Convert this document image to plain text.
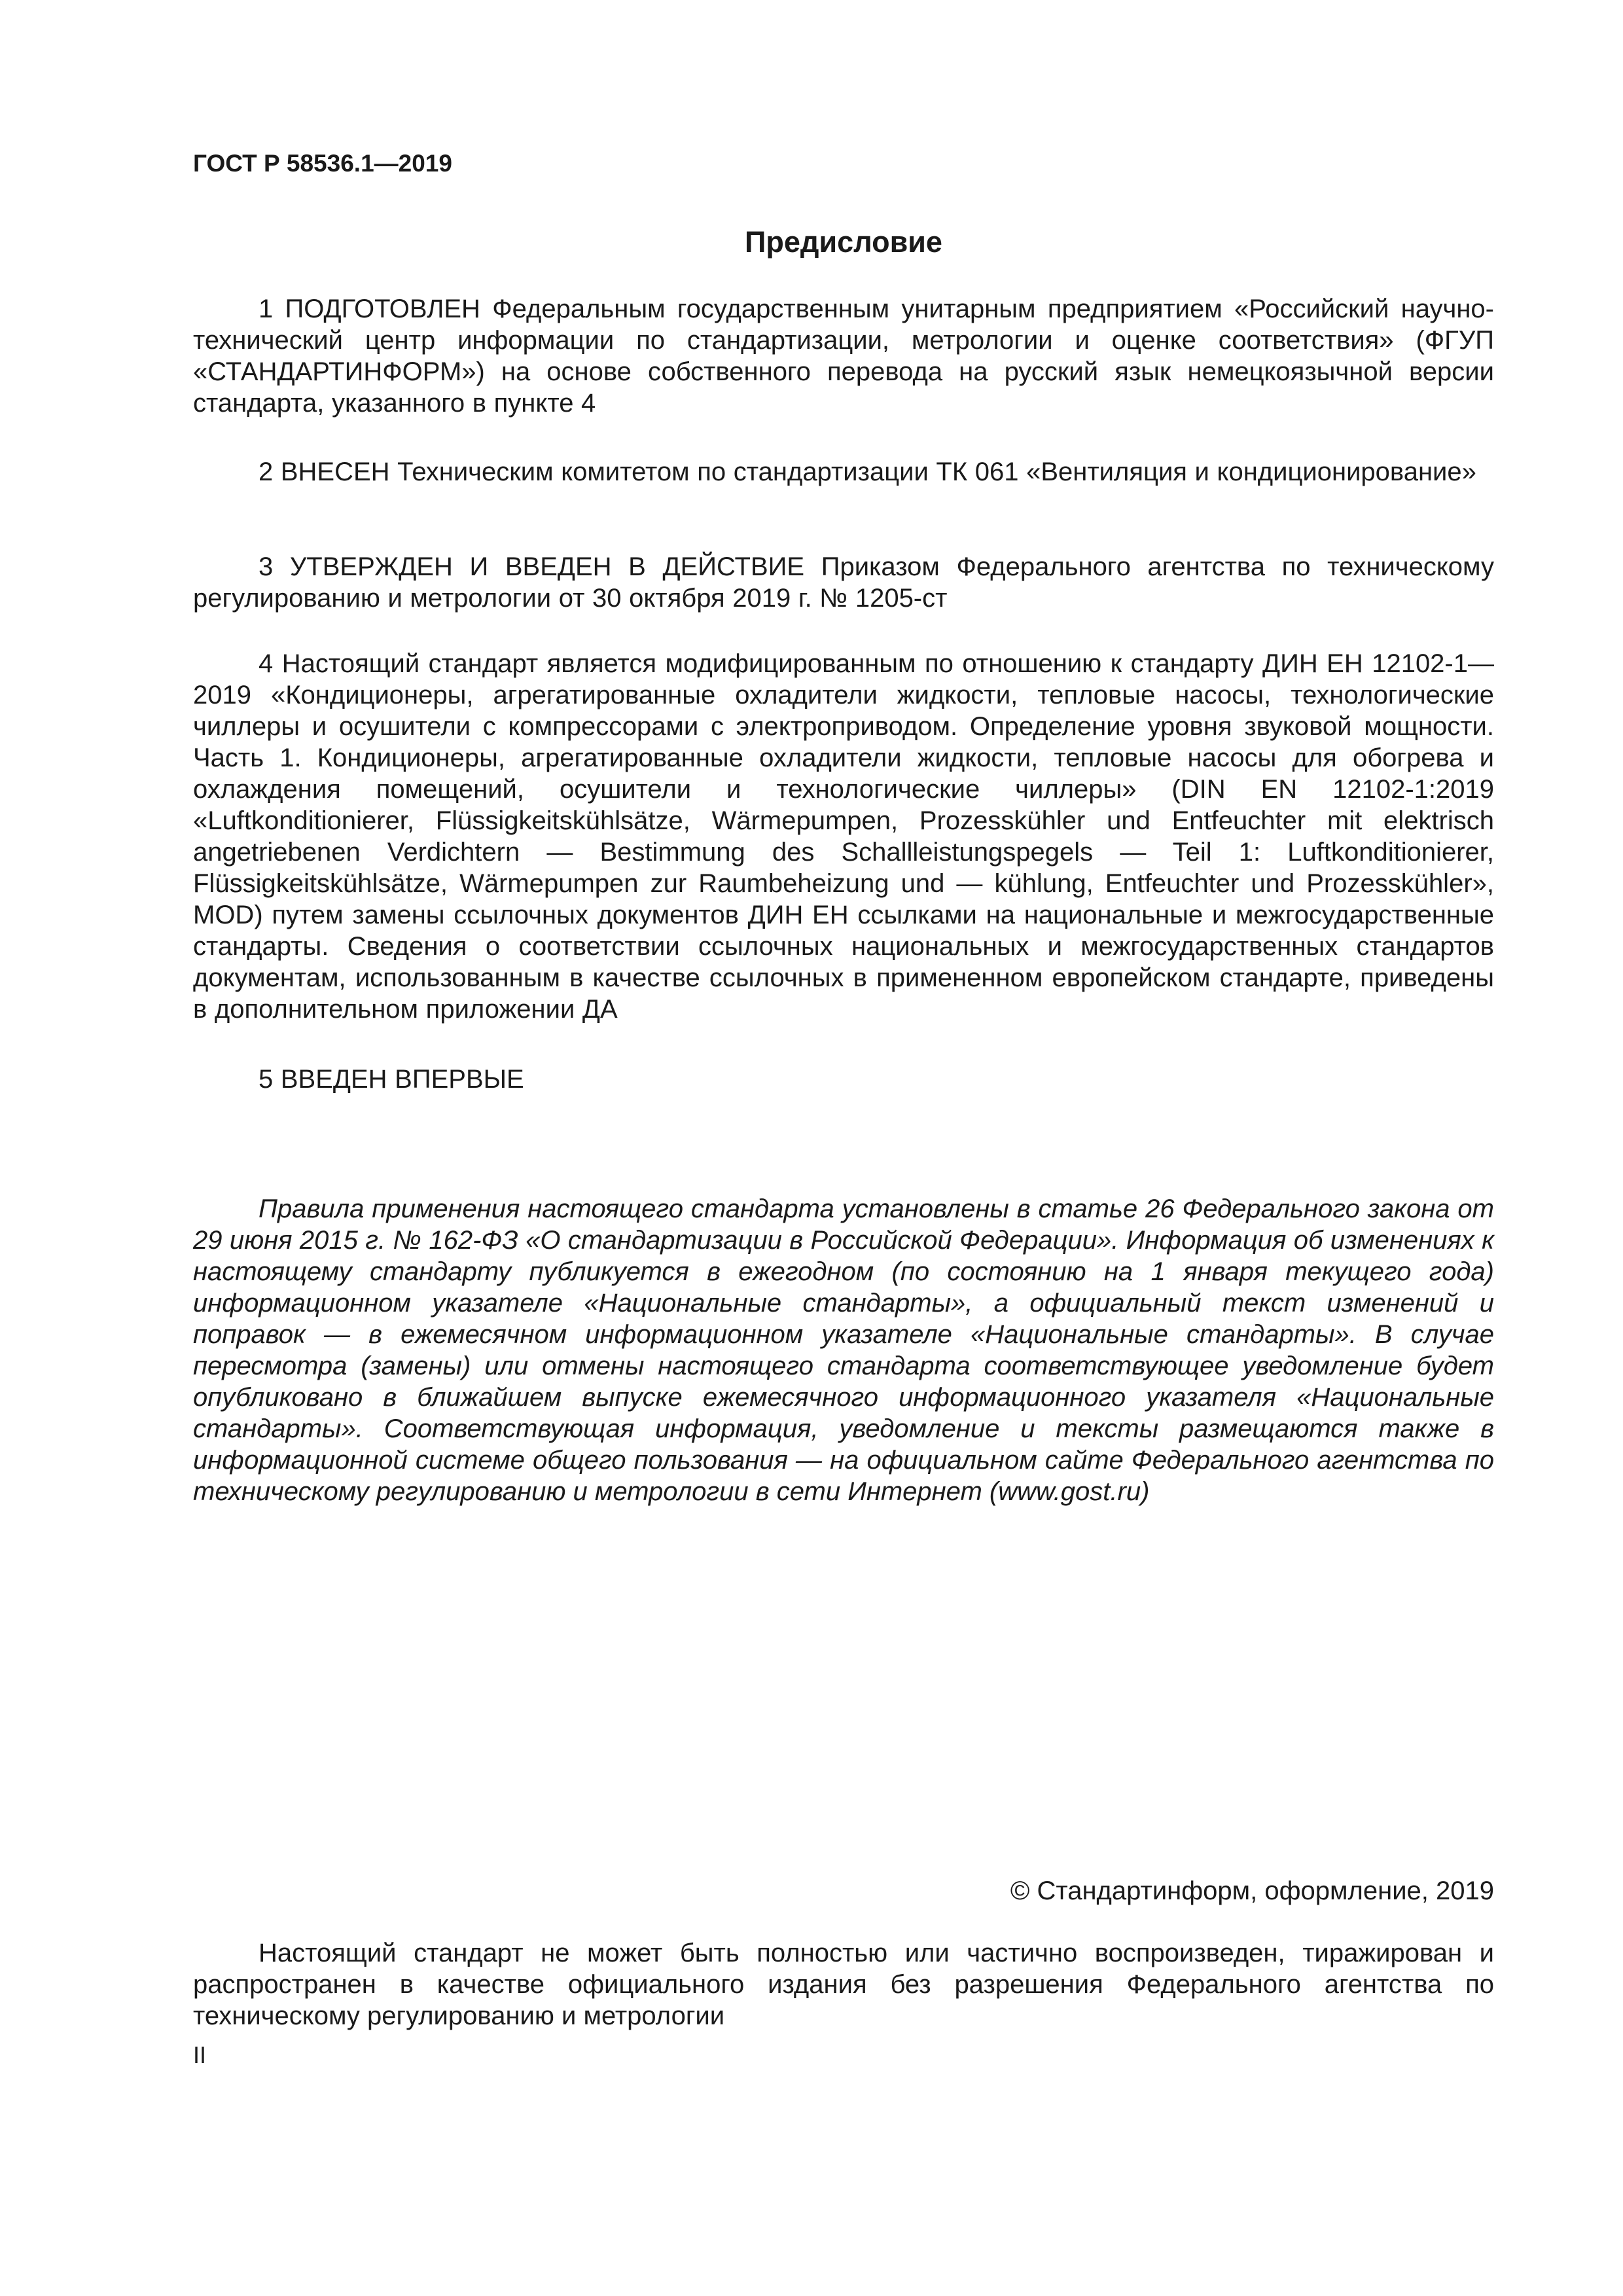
ГОСТ Р 58536.1—2019
Предисловие

1 ПОДГОТОВЛЕН Федеральным государственным унитарным предприятием «Российский научно-технический центр информации по стандартизации, метрологии и оценке соответствия» (ФГУП «СТАНДАРТИНФОРМ») на основе собственного перевода на русский язык немецкоязычной версии стандарта, указанного в пункте 4

2 ВНЕСЕН Техническим комитетом по стандартизации ТК 061 «Вентиляция и кондиционирование»

3 УТВЕРЖДЕН И ВВЕДЕН В ДЕЙСТВИЕ Приказом Федерального агентства по техническому регулированию и метрологии от 30 октября 2019 г. № 1205-ст

4 Настоящий стандарт является модифицированным по отношению к стандарту ДИН ЕН 12102-1—2019 «Кондиционеры, агрегатированные охладители жидкости, тепловые насосы, технологические чиллеры и осушители с компрессорами с электроприводом. Определение уровня звуковой мощности. Часть 1. Кондиционеры, агрегатированные охладители жидкости, тепловые насосы для обогрева и охлаждения помещений, осушители и технологические чиллеры» (DIN EN 12102-1:2019 «Luftkonditionierer, Flüssigkeitskühlsätze, Wärmepumpen, Prozesskühler und Entfeuchter mit elektrisch angetriebenen Verdichtern — Bestimmung des Schallleistungspegels — Teil 1: Luftkonditionierer, Flüssigkeitskühlsätze, Wärmepumpen zur Raumbeheizung und — kühlung, Entfeuchter und Prozesskühler», MOD) путем замены ссылочных документов ДИН ЕН ссылками на национальные и межгосударственные стандарты. Сведения о соответствии ссылочных национальных и межгосударственных стандартов документам, использованным в качестве ссылочных в примененном европейском стандарте, приведены в дополнительном приложении ДА

5 ВВЕДЕН ВПЕРВЫЕ

Правила применения настоящего стандарта установлены в статье 26 Федерального закона от 29 июня 2015 г. № 162-ФЗ «О стандартизации в Российской Федерации». Информация об изменениях к настоящему стандарту публикуется в ежегодном (по состоянию на 1 января текущего года) информационном указателе «Национальные стандарты», а официальный текст изменений и поправок — в ежемесячном информационном указателе «Национальные стандарты». В случае пересмотра (замены) или отмены настоящего стандарта соответствующее уведомление будет опубликовано в ближайшем выпуске ежемесячного информационного указателя «Национальные стандарты». Соответствующая информация, уведомление и тексты размещаются также в информационной системе общего пользования — на официальном сайте Федерального агентства по техническому регулированию и метрологии в сети Интернет (www.gost.ru)

© Стандартинформ, оформление, 2019

Настоящий стандарт не может быть полностью или частично воспроизведен, тиражирован и распространен в качестве официального издания без разрешения Федерального агентства по техническому регулированию и метрологии

II
